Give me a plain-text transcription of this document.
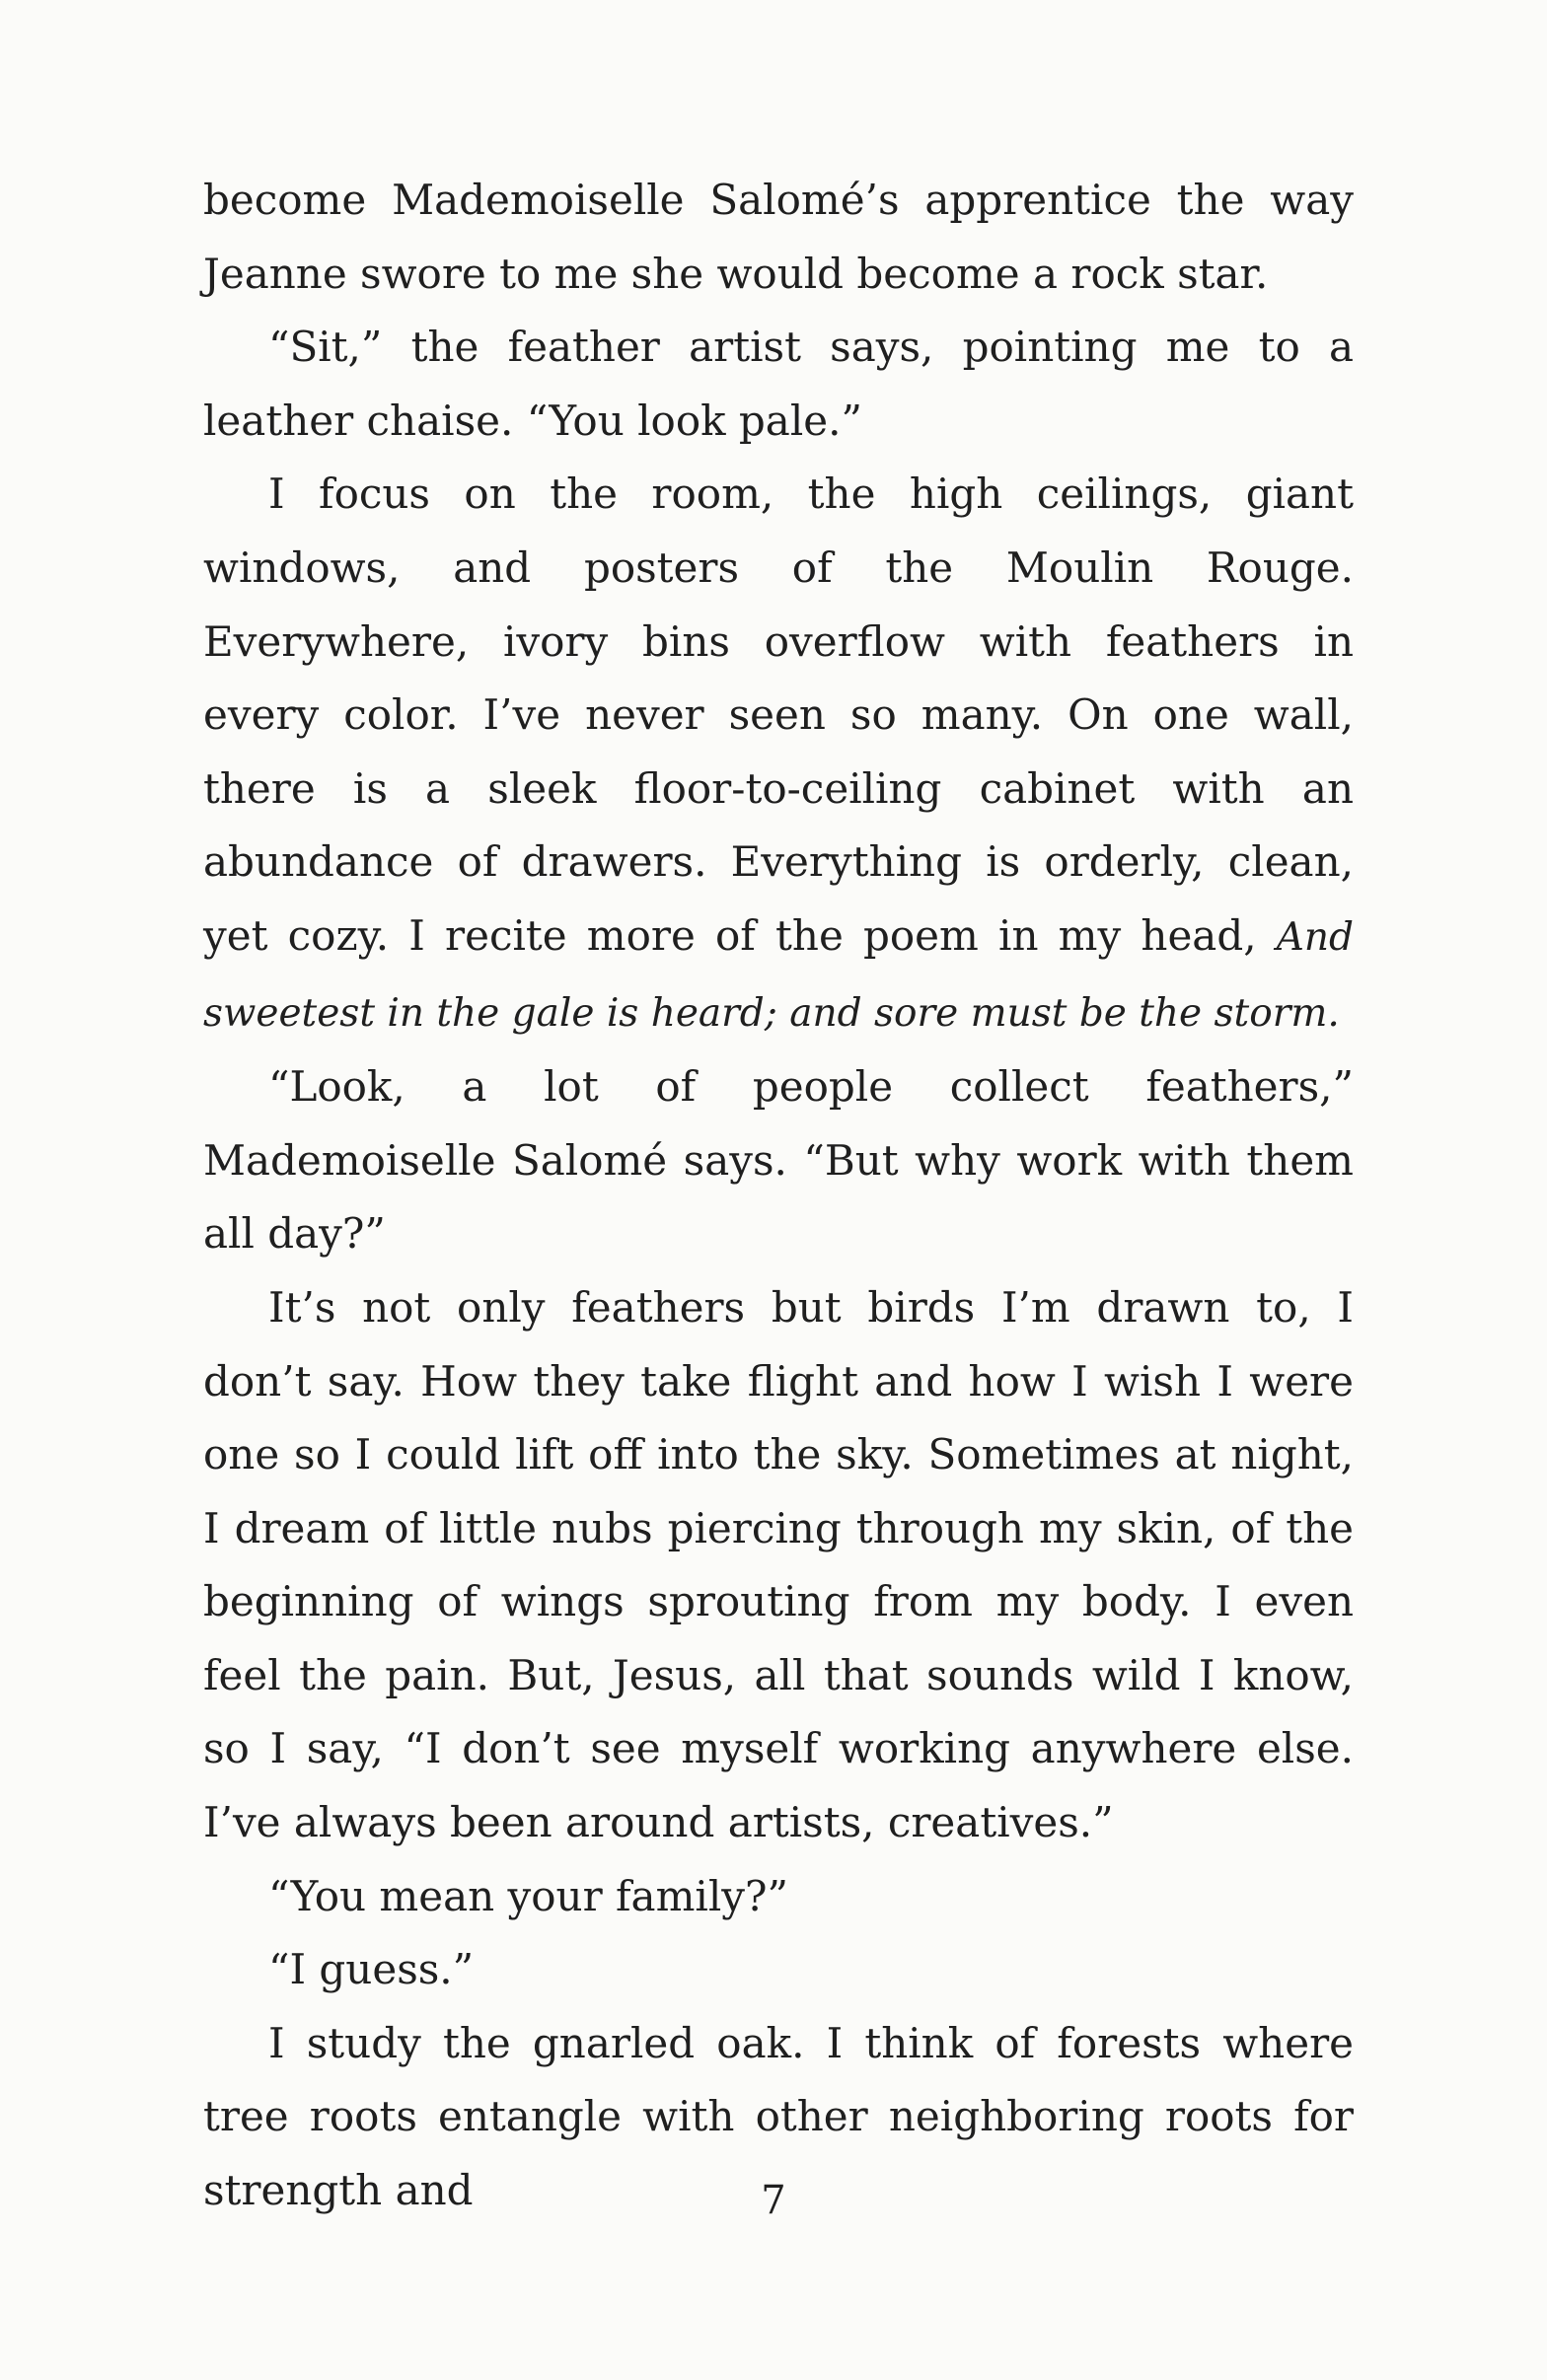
become Mademoiselle Salomé’s apprentice the way Jeanne swore to me she would become a rock star.

“Sit,” the feather artist says, pointing me to a leather chaise. “You look pale.”

I focus on the room, the high ceilings, giant windows, and posters of the Moulin Rouge. Everywhere, ivory bins overflow with feathers in every color. I’ve never seen so many. On one wall, there is a sleek floor-to-ceiling cabinet with an abundance of drawers. Everything is orderly, clean, yet cozy. I recite more of the poem in my head, And sweetest in the gale is heard; and sore must be the storm.

“Look, a lot of people collect feathers,” Mademoiselle Salomé says. “But why work with them all day?”

It’s not only feathers but birds I’m drawn to, I don’t say. How they take flight and how I wish I were one so I could lift off into the sky. Sometimes at night, I dream of little nubs piercing through my skin, of the beginning of wings sprouting from my body. I even feel the pain. But, Jesus, all that sounds wild I know, so I say, “I don’t see myself working anywhere else. I’ve always been around artists, creatives.”

“You mean your family?”

“I guess.”

I study the gnarled oak. I think of forests where tree roots entangle with other neighboring roots for strength and	7
